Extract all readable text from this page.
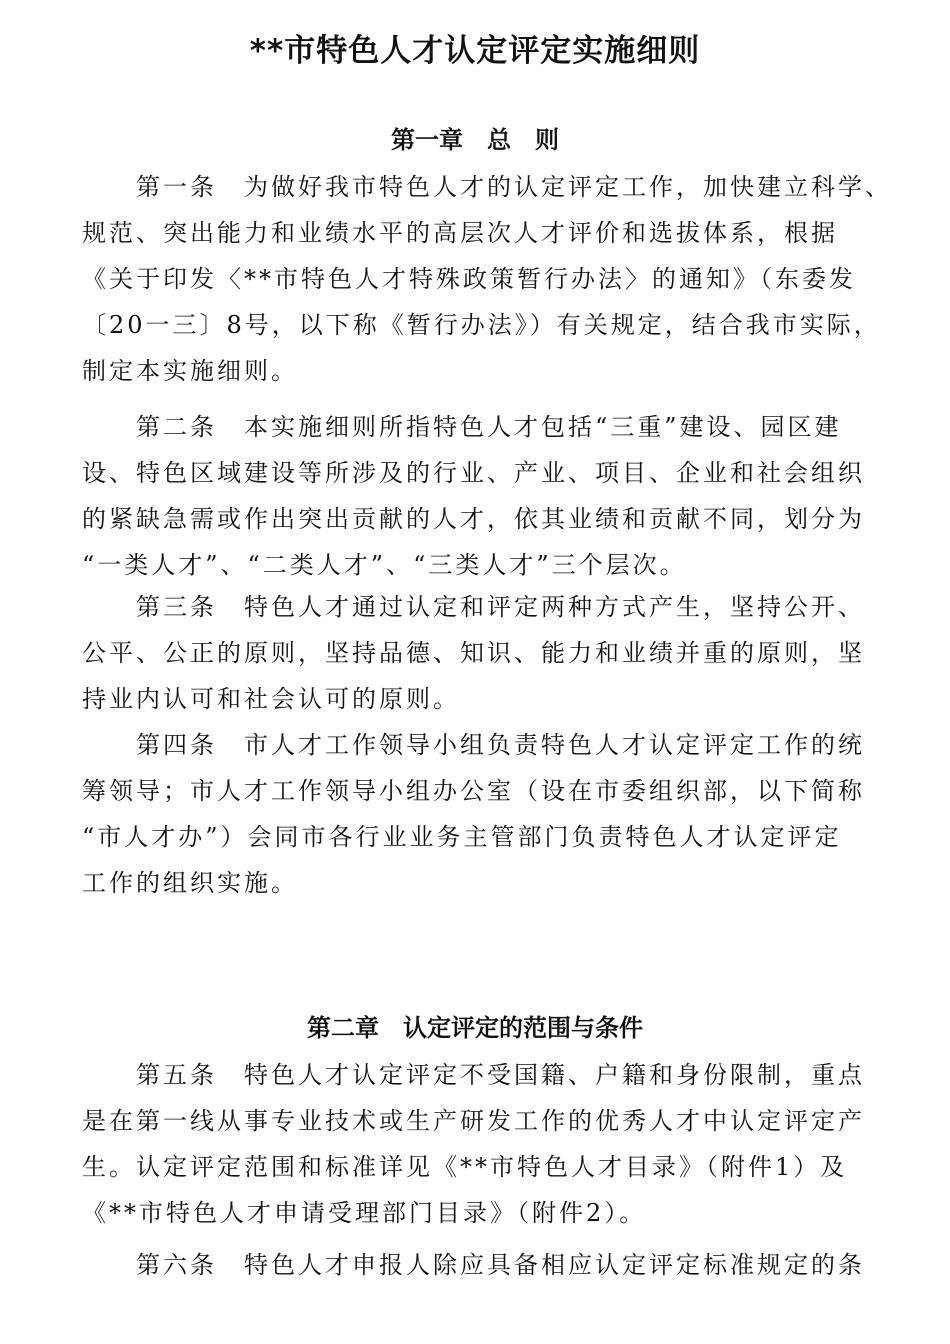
**市特色人才认定评定实施细则
第一章　总　则
第一条　为做好我市特色人才的认定评定工作，加快建立科学、
规范、突出能力和业绩水平的高层次人才评价和选拔体系，根据
《关于印发〈**市特色人才特殊政策暂行办法〉的通知》（东委发
〔20一三〕8号，以下称《暂行办法》）有关规定，结合我市实际，
制定本实施细则。
第二条　本实施细则所指特色人才包括“三重”建设、园区建
设、特色区域建设等所涉及的行业、产业、项目、企业和社会组织
的紧缺急需或作出突出贡献的人才，依其业绩和贡献不同，划分为
“一类人才”、“二类人才”、“三类人才”三个层次。
第三条　特色人才通过认定和评定两种方式产生，坚持公开、
公平、公正的原则，坚持品德、知识、能力和业绩并重的原则，坚
持业内认可和社会认可的原则。
第四条　市人才工作领导小组负责特色人才认定评定工作的统
筹领导；市人才工作领导小组办公室（设在市委组织部，以下简称
“市人才办”）会同市各行业业务主管部门负责特色人才认定评定
工作的组织实施。
第二章　认定评定的范围与条件
第五条　特色人才认定评定不受国籍、户籍和身份限制，重点
是在第一线从事专业技术或生产研发工作的优秀人才中认定评定产
生。认定评定范围和标准详见《**市特色人才目录》（附件1）及
《**市特色人才申请受理部门目录》（附件2）。
第六条　特色人才申报人除应具备相应认定评定标准规定的条
